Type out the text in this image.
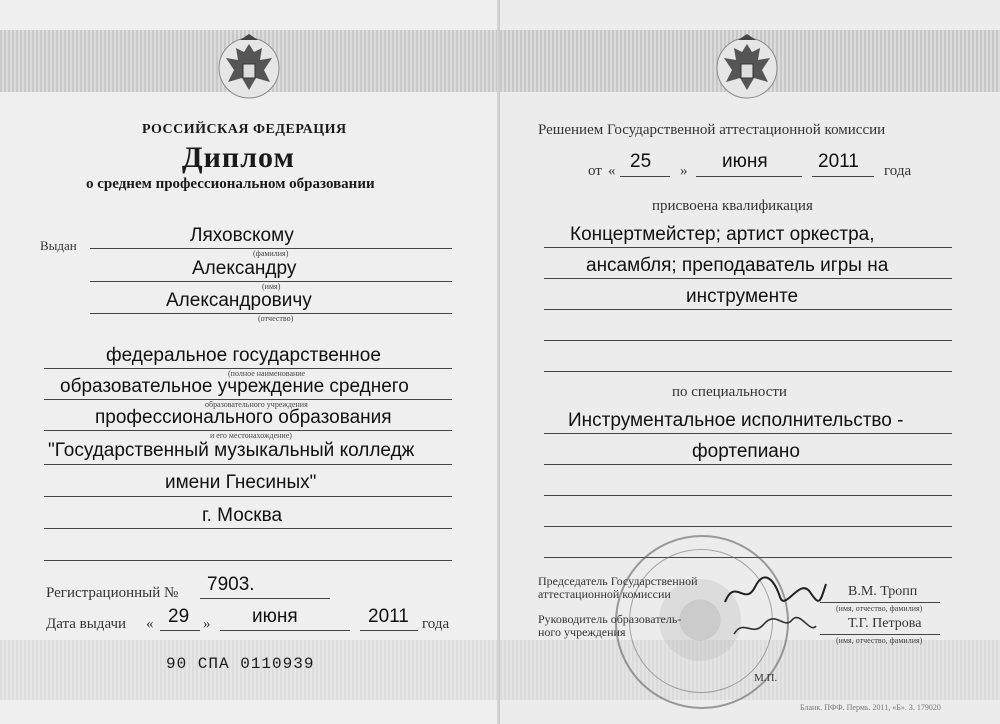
РОССИЙСКАЯ ФЕДЕРАЦИЯ
Диплом
о среднем профессиональном образовании
Выдан	Ляховскому
(фамилия)
Александру
(имя)
Александровичу
(отчество)
федеральное государственное
(полное наименование
образовательное учреждение среднего
образовательного учреждения
профессионального образования
и его местонахождение)
"Государственный музыкальный колледж
имени Гнесиных"
г. Москва
Регистрационный № 7903.
Дата выдачи « 29 » июня	2011 года
90 СПА 0110939
Решением Государственной аттестационной комиссии
от « 25 » июня	2011 года
присвоена квалификация
Концертмейстер; артист оркестра,
ансамбля; преподаватель игры на
инструменте
по специальности
Инструментальное исполнительство -
фортепиано
Председатель Государственной
аттестационной комиссии	В.М. Тропп
(имя, отчество, фамилия)
Руководитель образователь-
ного учреждения
Т.Г. Петрова
(имя, отчество, фамилия)
М.П.
Бланк. ПФФ. Пермь. 2011, «Б». З. 179020
